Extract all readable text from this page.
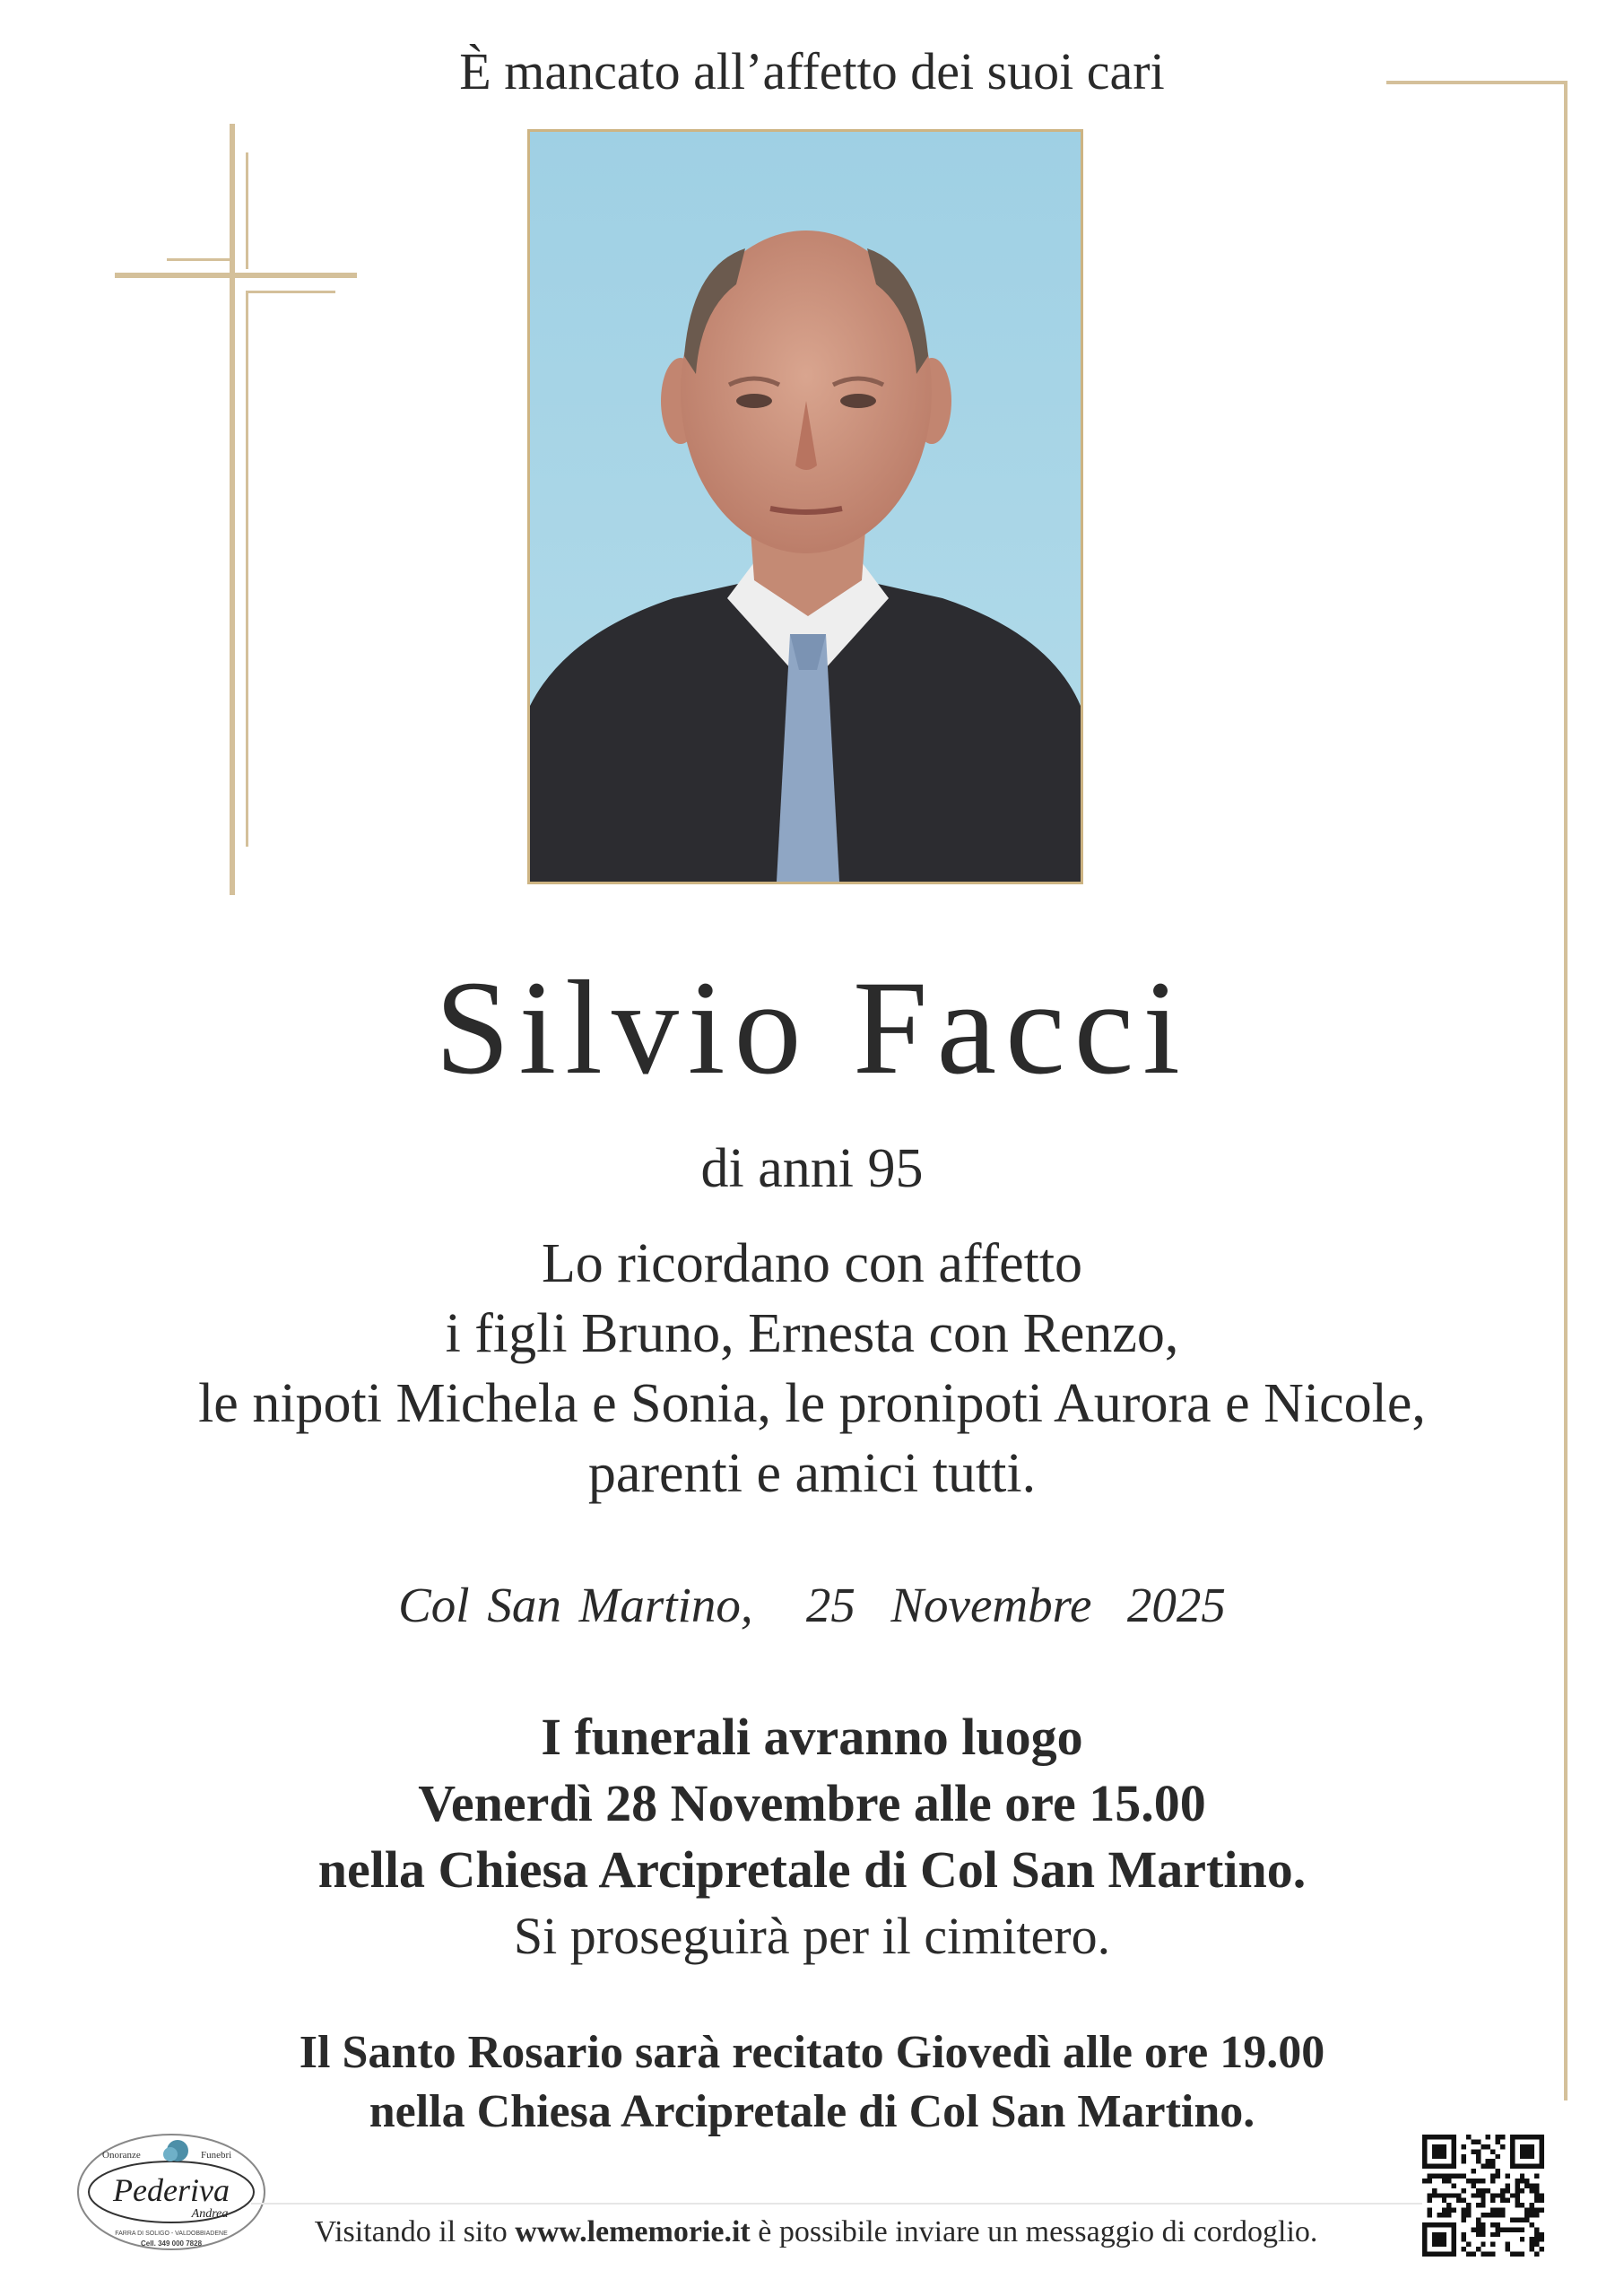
È mancato all’affetto dei suoi cari
Silvio Facci
di anni 95
Lo ricordano con affetto
i figli Bruno, Ernesta con Renzo,
le nipoti Michela e Sonia, le pronipoti Aurora e Nicole,
parenti e amici tutti.
Col San Martino, 25  Novembre  2025
I funerali avranno luogo
Venerdì 28 Novembre alle ore 15.00
nella Chiesa Arcipretale di Col San Martino.
Si proseguirà per il cimitero.
Il Santo Rosario sarà recitato Giovedì alle ore 19.00
nella Chiesa Arcipretale di Col San Martino.
Onoranze	Funebri
Pederiva
Andrea
FARRA DI SOLIGO - VALDOBBIADENE
Cell. 349 000 7828	Visitando il sito www.lememorie.it è possibile inviare un messaggio di cordoglio.
